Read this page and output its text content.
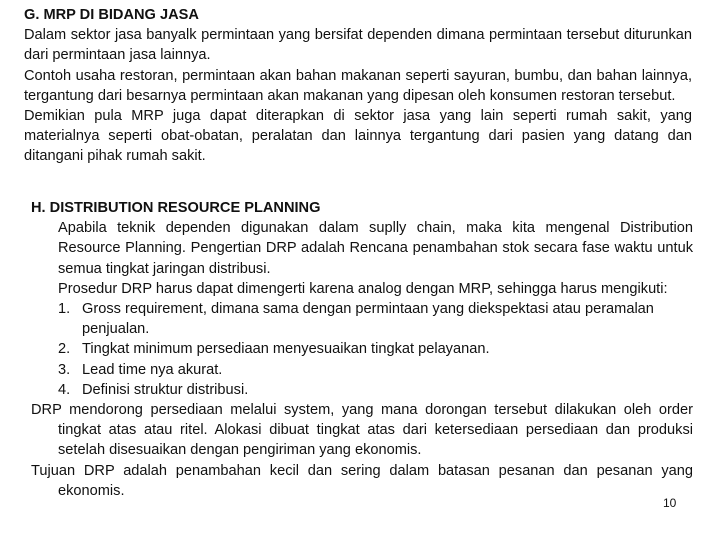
G. MRP DI BIDANG JASA

Dalam sektor jasa banyalk permintaan yang bersifat dependen dimana permintaan tersebut diturunkan dari permintaan jasa lainnya.

Contoh usaha restoran, permintaan akan bahan makanan seperti sayuran, bumbu, dan bahan lainnya, tergantung dari besarnya permintaan akan makanan yang dipesan oleh konsumen restoran tersebut.

Demikian pula MRP juga dapat diterapkan di sektor jasa yang lain seperti rumah sakit, yang materialnya seperti obat-obatan, peralatan dan lainnya tergantung dari pasien yang datang dan ditangani pihak rumah sakit.

H. DISTRIBUTION RESOURCE PLANNING

Apabila teknik dependen digunakan dalam suplly chain, maka kita mengenal Distribution Resource Planning. Pengertian DRP adalah Rencana penambahan stok secara fase waktu untuk semua tingkat jaringan distribusi.

Prosedur DRP harus dapat dimengerti karena analog dengan MRP, sehingga harus mengikuti:

1. Gross requirement, dimana sama dengan permintaan yang diekspektasi atau peramalan penjualan.
2. Tingkat minimum persediaan menyesuaikan tingkat pelayanan.
3. Lead time nya akurat.
4. Definisi struktur distribusi.

DRP mendorong persediaan melalui system, yang mana dorongan tersebut dilakukan oleh order tingkat atas atau ritel. Alokasi dibuat tingkat atas dari ketersediaan persediaan dan produksi setelah disesuaikan dengan pengiriman yang ekonomis.

Tujuan DRP adalah penambahan kecil dan sering dalam batasan pesanan dan pesanan yang ekonomis.

10
